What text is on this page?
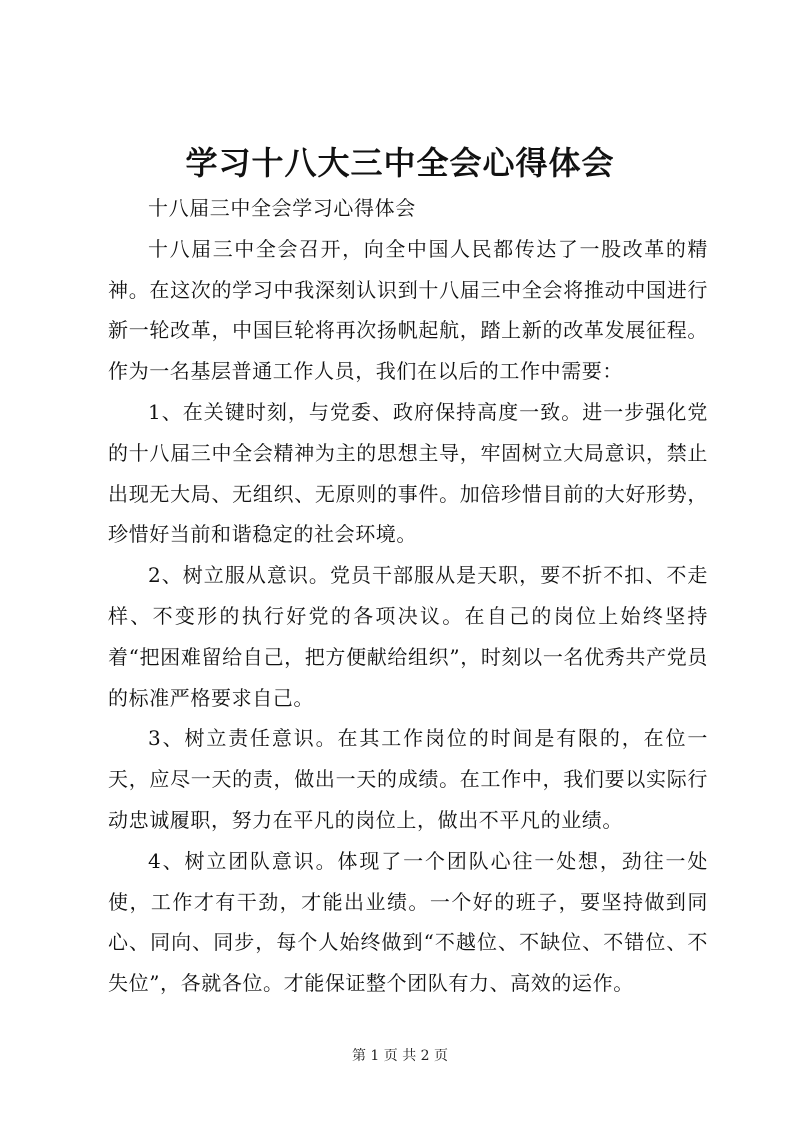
学习十八大三中全会心得体会

十八届三中全会学习心得体会

十八届三中全会召开，向全中国人民都传达了一股改革的精神。在这次的学习中我深刻认识到十八届三中全会将推动中国进行新一轮改革，中国巨轮将再次扬帆起航，踏上新的改革发展征程。作为一名基层普通工作人员，我们在以后的工作中需要：

1、在关键时刻，与党委、政府保持高度一致。进一步强化党的十八届三中全会精神为主的思想主导，牢固树立大局意识，禁止出现无大局、无组织、无原则的事件。加倍珍惜目前的大好形势，珍惜好当前和谐稳定的社会环境。

2、树立服从意识。党员干部服从是天职，要不折不扣、不走样、不变形的执行好党的各项决议。在自己的岗位上始终坚持着“把困难留给自己，把方便献给组织”，时刻以一名优秀共产党员的标准严格要求自己。

3、树立责任意识。在其工作岗位的时间是有限的，在位一天，应尽一天的责，做出一天的成绩。在工作中，我们要以实际行动忠诚履职，努力在平凡的岗位上，做出不平凡的业绩。

4、树立团队意识。体现了一个团队心往一处想，劲往一处使，工作才有干劲，才能出业绩。一个好的班子，要坚持做到同心、同向、同步，每个人始终做到“不越位、不缺位、不错位、不失位”，各就各位。才能保证整个团队有力、高效的运作。

第 1 页 共 2 页
